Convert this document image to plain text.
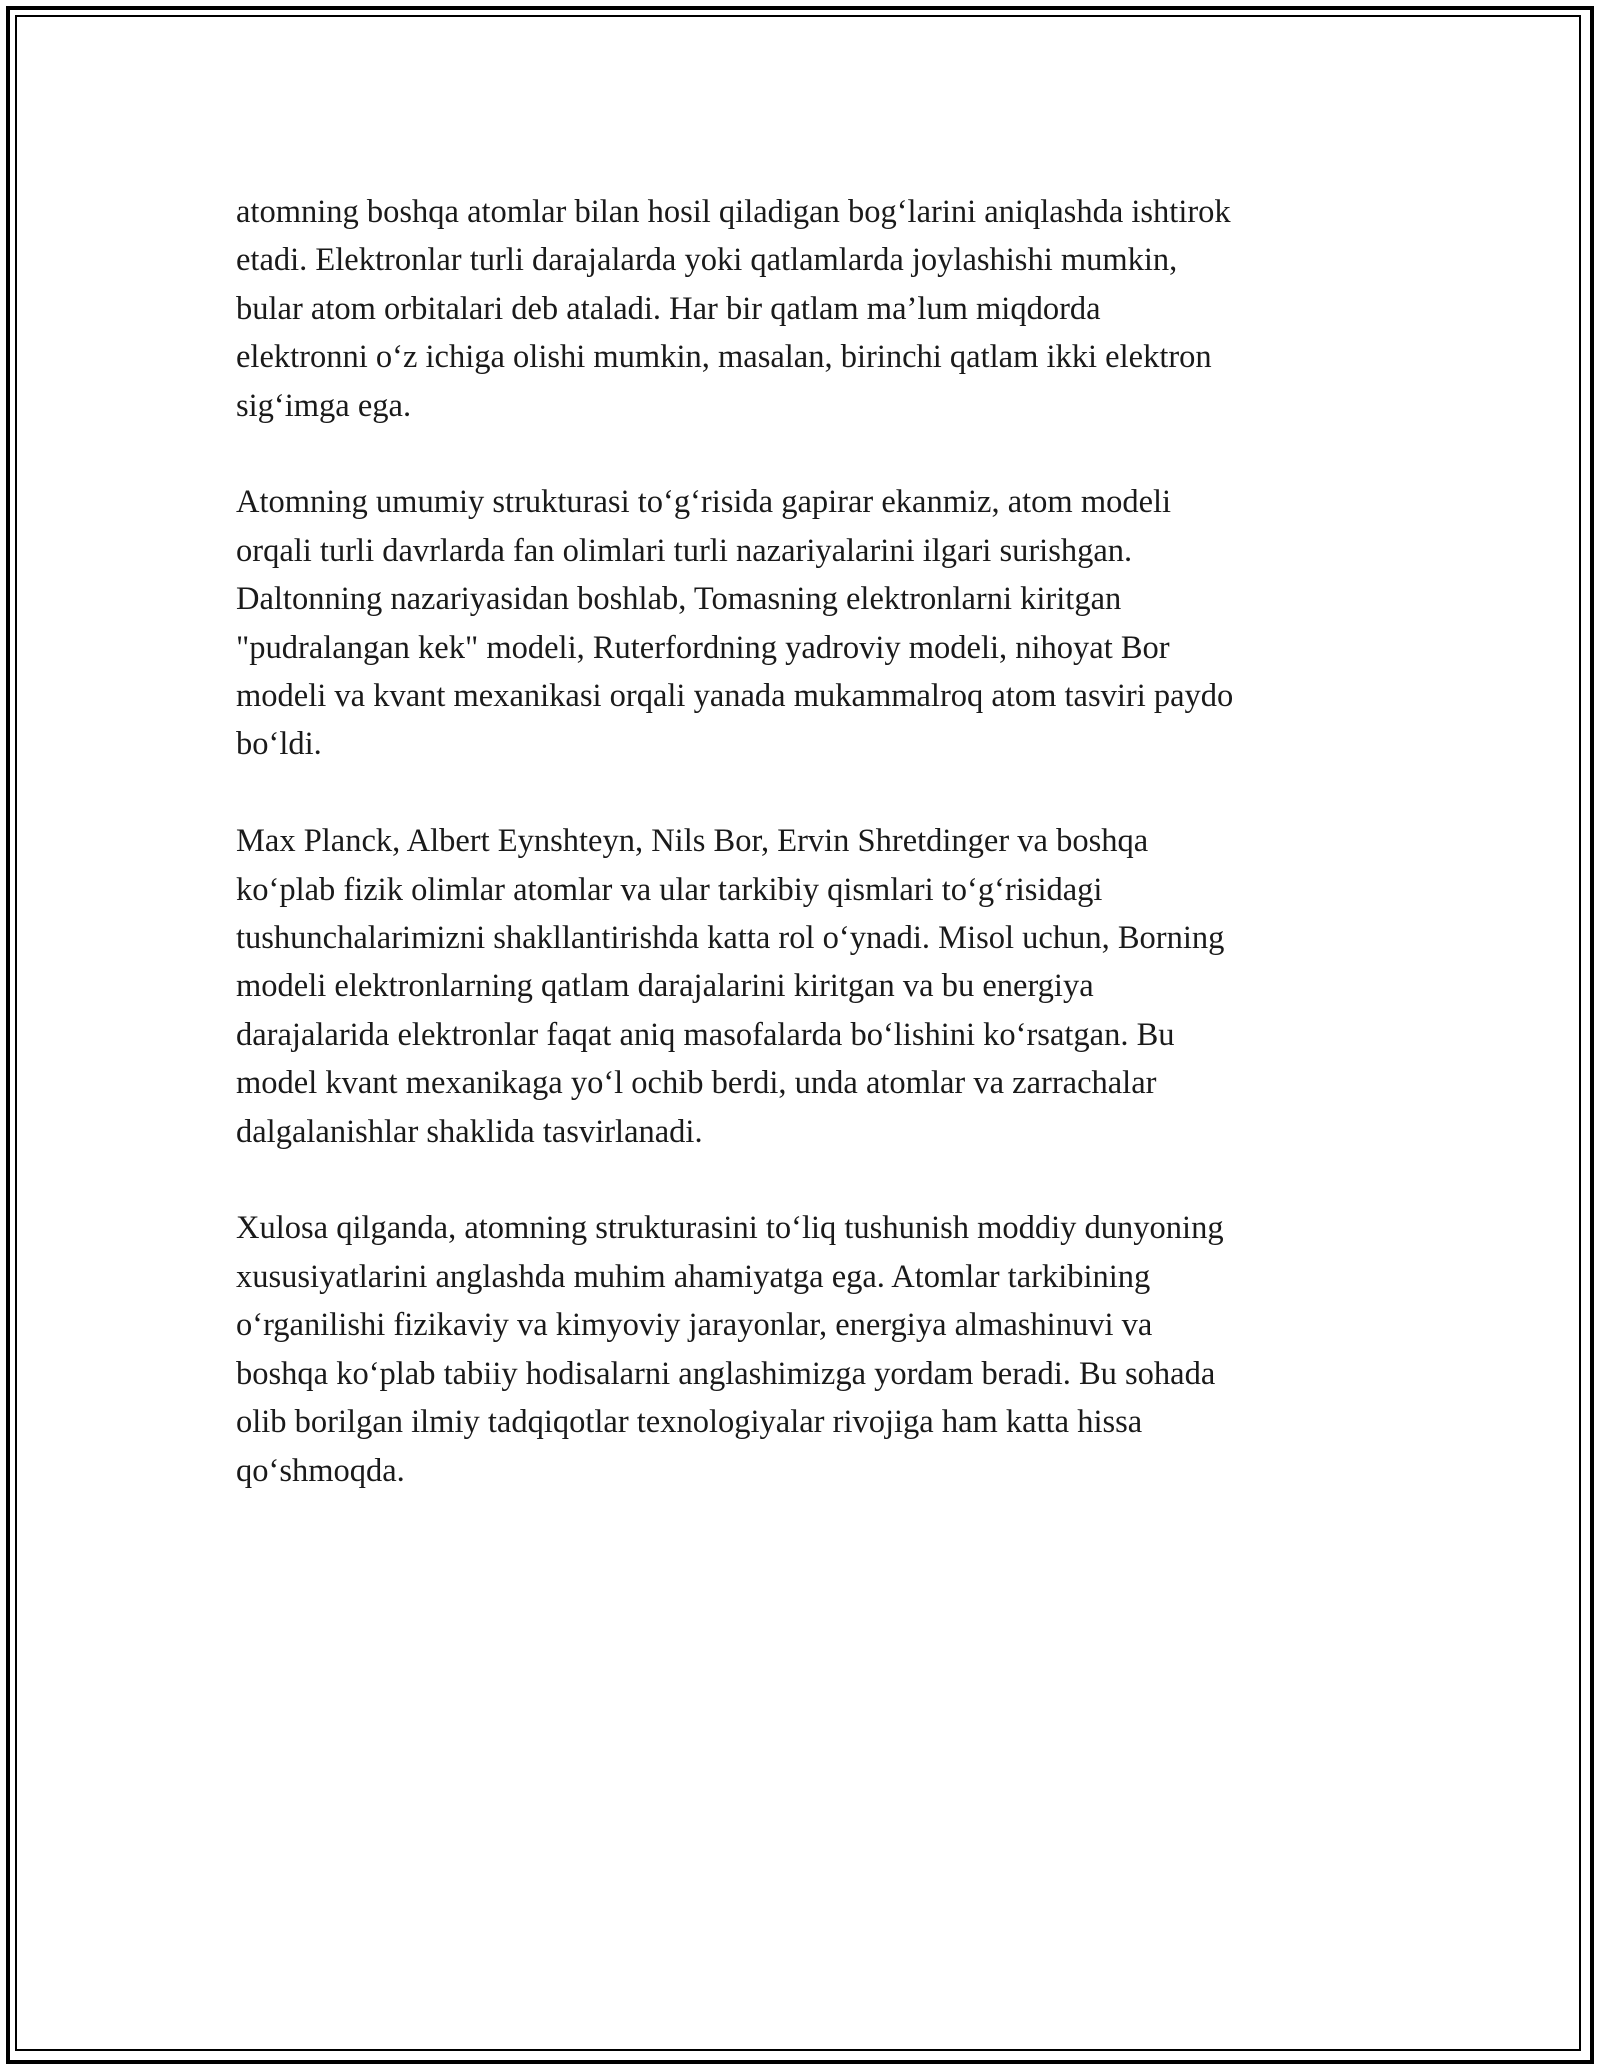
atomning boshqa atomlar bilan hosil qiladigan bog‘larini aniqlashda ishtirok
etadi. Elektronlar turli darajalarda yoki qatlamlarda joylashishi mumkin,
bular atom orbitalari deb ataladi. Har bir qatlam ma’lum miqdorda
elektronni o‘z ichiga olishi mumkin, masalan, birinchi qatlam ikki elektron
sig‘imga ega.

Atomning umumiy strukturasi to‘g‘risida gapirar ekanmiz, atom modeli
orqali turli davrlarda fan olimlari turli nazariyalarini ilgari surishgan.
Daltonning nazariyasidan boshlab, Tomasning elektronlarni kiritgan
"pudralangan kek" modeli, Ruterfordning yadroviy modeli, nihoyat Bor
modeli va kvant mexanikasi orqali yanada mukammalroq atom tasviri paydo
bo‘ldi.

Max Planck, Albert Eynshteyn, Nils Bor, Ervin Shretdinger va boshqa
ko‘plab fizik olimlar atomlar va ular tarkibiy qismlari to‘g‘risidagi
tushunchalarimizni shakllantirishda katta rol o‘ynadi. Misol uchun, Borning
modeli elektronlarning qatlam darajalarini kiritgan va bu energiya
darajalarida elektronlar faqat aniq masofalarda bo‘lishini ko‘rsatgan. Bu
model kvant mexanikaga yo‘l ochib berdi, unda atomlar va zarrachalar
dalgalanishlar shaklida tasvirlanadi.

Xulosa qilganda, atomning strukturasini to‘liq tushunish moddiy dunyoning
xususiyatlarini anglashda muhim ahamiyatga ega. Atomlar tarkibining
o‘rganilishi fizikaviy va kimyoviy jarayonlar, energiya almashinuvi va
boshqa ko‘plab tabiiy hodisalarni anglashimizga yordam beradi. Bu sohada
olib borilgan ilmiy tadqiqotlar texnologiyalar rivojiga ham katta hissa
qo‘shmoqda.
